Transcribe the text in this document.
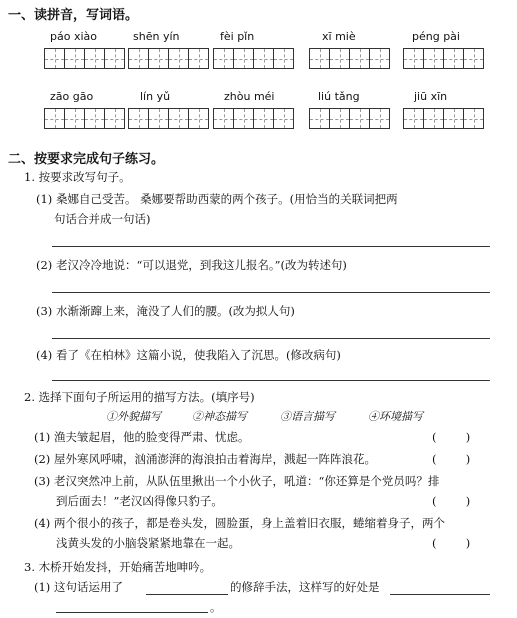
一、读拼音，写词语。
páo xiào	shēn yín	fèi pǐn	xī miè	péng pài
zāo gāo	lín yǔ	zhòu méi	liú tǎng	jiū xīn
二、按要求完成句子练习。
1. 按要求改写句子。
(1) 桑娜自己受苦。 桑娜要帮助西蒙的两个孩子。(用恰当的关联词把两
句话合并成一句话)
(2) 老汉冷冷地说：“可以退党，到我这儿报名。”(改为转述句)
(3) 水渐渐蹿上来，淹没了人们的腰。(改为拟人句)
(4) 看了《在柏林》这篇小说，使我陷入了沉思。(修改病句)
2. 选择下面句子所运用的描写方法。(填序号)
①外貌描写	②神态描写	③语言描写	④环境描写
(1) 渔夫皱起眉，他的脸变得严肃、忧虑。	(        )
(2) 屋外寒风呼啸，汹涌澎湃的海浪拍击着海岸，溅起一阵阵浪花。	(        )
(3) 老汉突然冲上前，从队伍里揪出一个小伙子，吼道：“你还算是个党员吗？排
到后面去！”老汉凶得像只豹子。	(        )
(4) 两个很小的孩子，都是卷头发，圆脸蛋，身上盖着旧衣服，蜷缩着身子，两个
浅黄头发的小脑袋紧紧地靠在一起。	(        )
3. 木桥开始发抖，开始痛苦地呻吟。
(1) 这句话运用了	的修辞手法，这样写的好处是
。
